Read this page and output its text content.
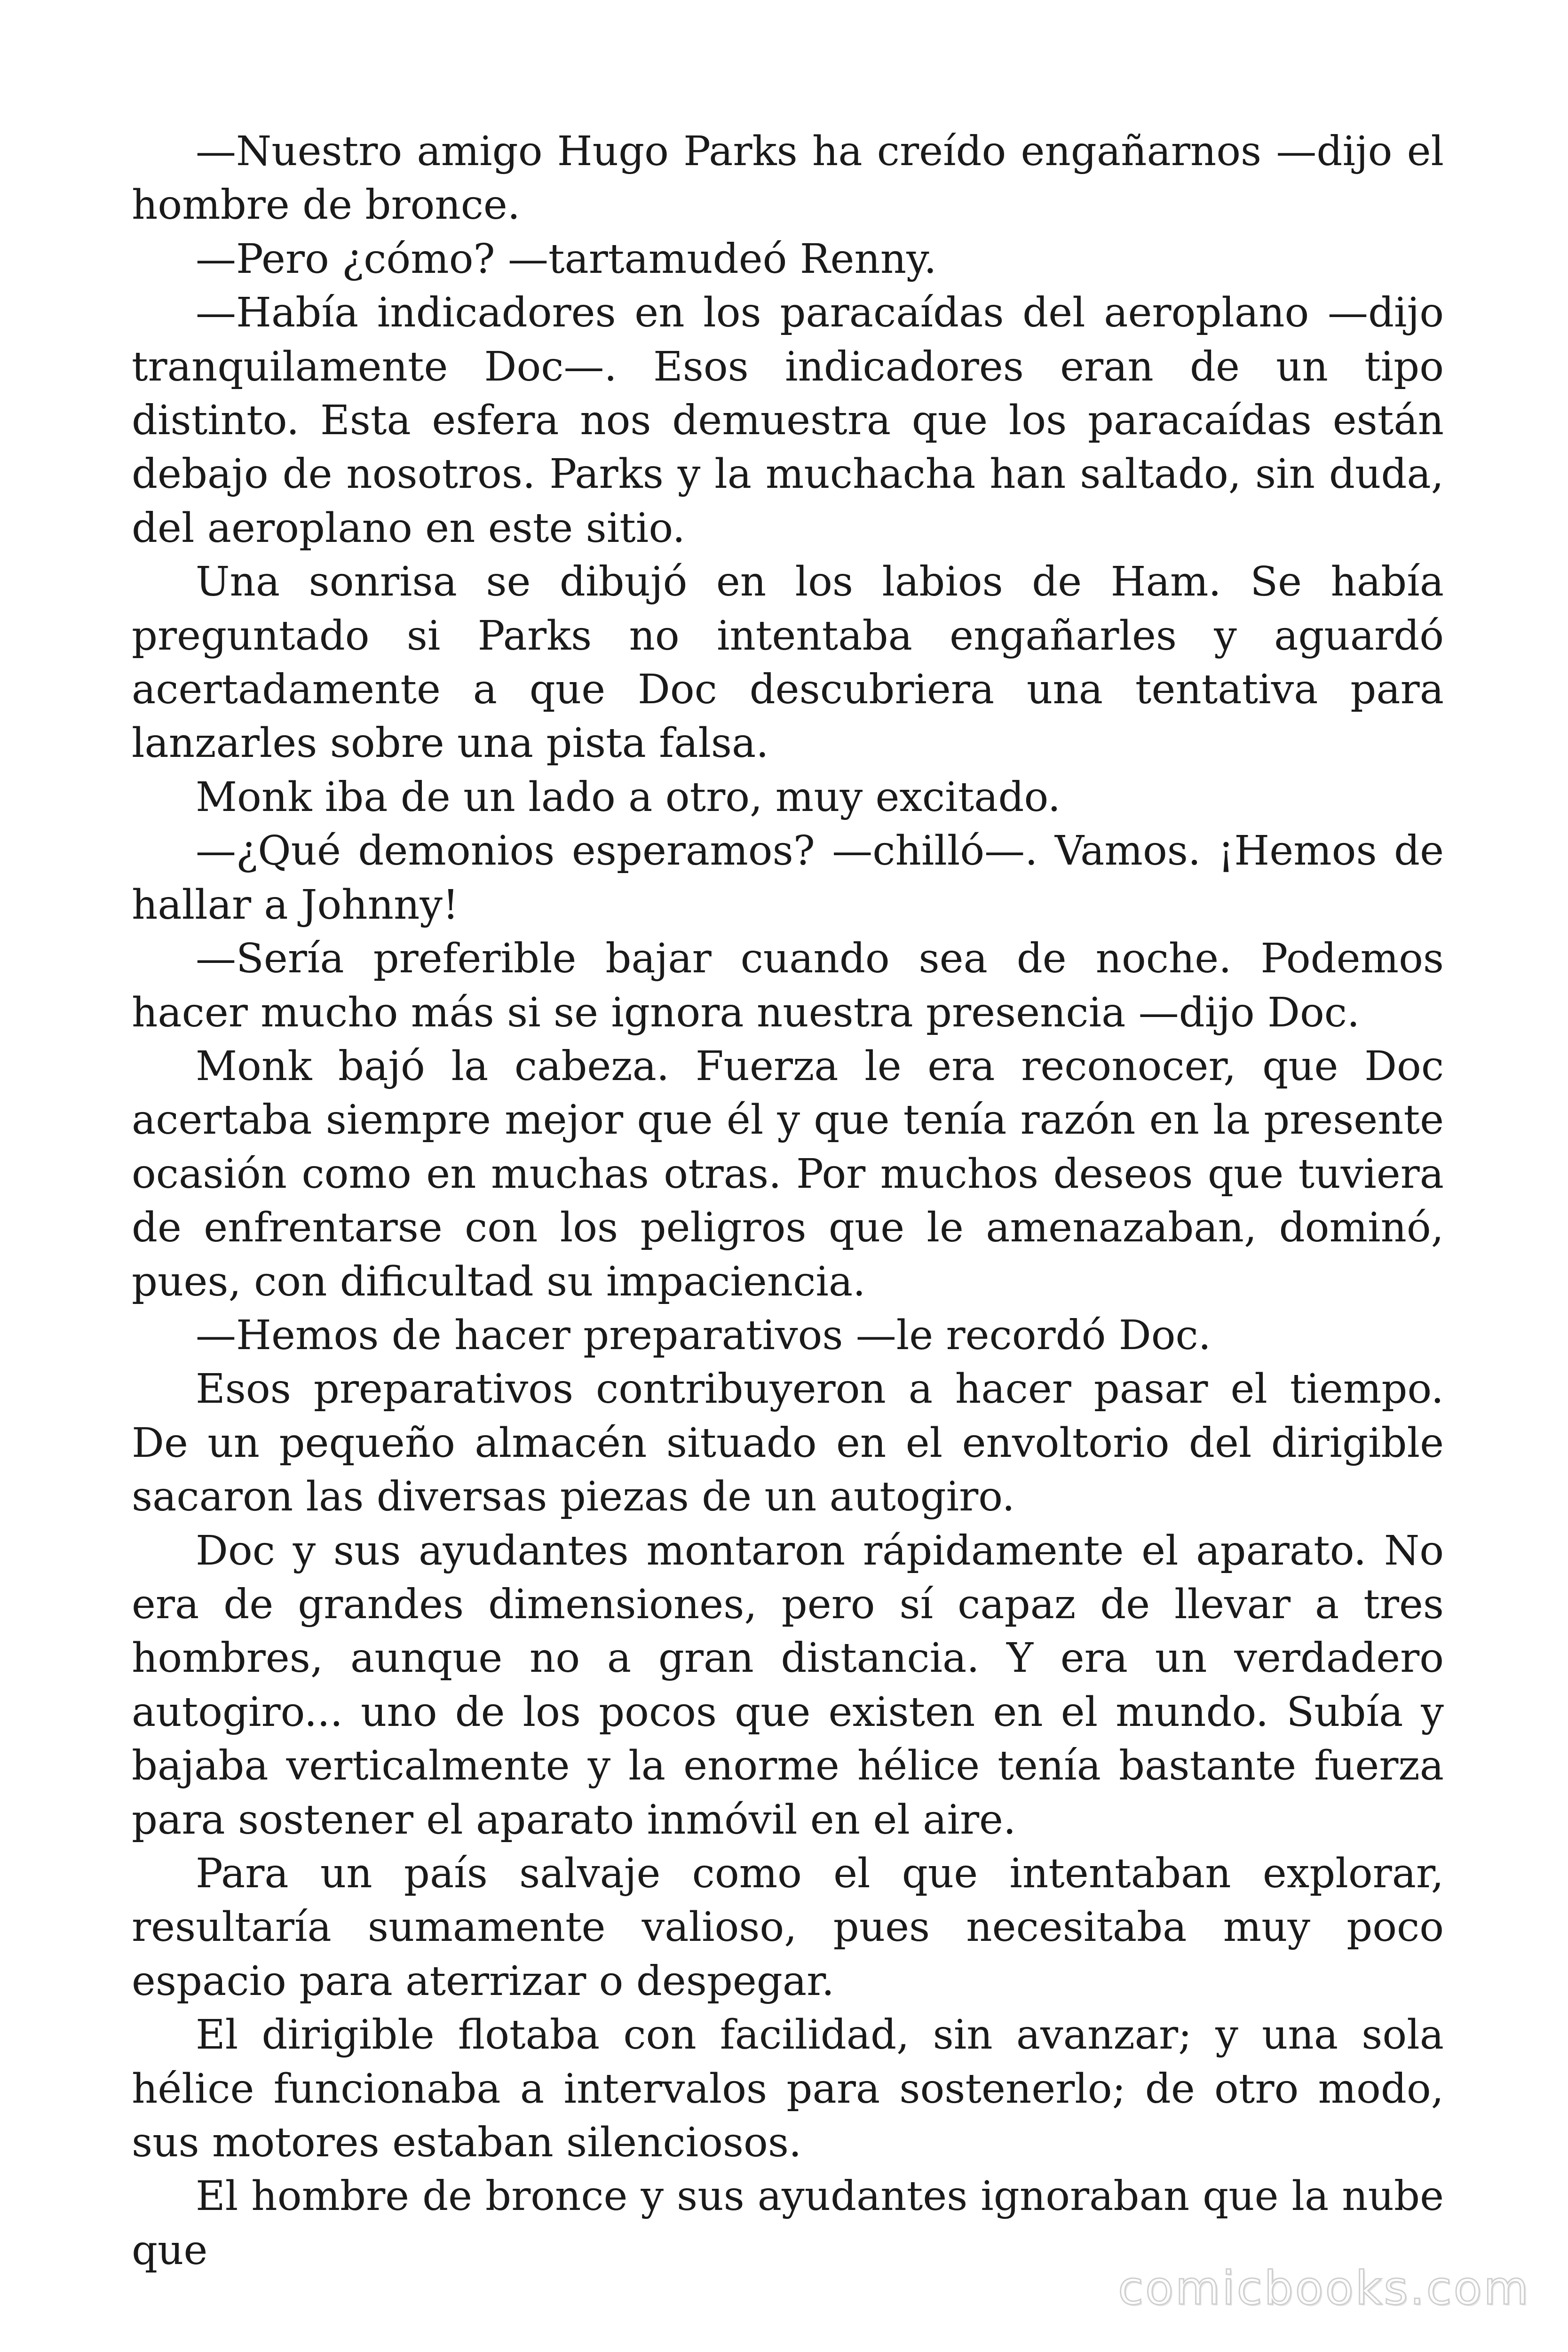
—Nuestro amigo Hugo Parks ha creído engañarnos —dijo el hombre de bronce.

—Pero ¿cómo? —tartamudeó Renny.

—Había indicadores en los paracaídas del aeroplano —dijo tranquilamente Doc—. Esos indicadores eran de un tipo distinto. Esta esfera nos demuestra que los paracaídas están debajo de nosotros. Parks y la muchacha han saltado, sin duda, del aeroplano en este sitio.

Una sonrisa se dibujó en los labios de Ham. Se había preguntado si Parks no intentaba engañarles y aguardó acertadamente a que Doc descubriera una tentativa para lanzarles sobre una pista falsa.

Monk iba de un lado a otro, muy excitado.

—¿Qué demonios esperamos? —chilló—. Vamos. ¡Hemos de hallar a Johnny!

—Sería preferible bajar cuando sea de noche. Podemos hacer mucho más si se ignora nuestra presencia —dijo Doc.

Monk bajó la cabeza. Fuerza le era reconocer, que Doc acertaba siempre mejor que él y que tenía razón en la presente ocasión como en muchas otras. Por muchos deseos que tuviera de enfrentarse con los peligros que le amenazaban, dominó, pues, con dificultad su impaciencia.

—Hemos de hacer preparativos —le recordó Doc.

Esos preparativos contribuyeron a hacer pasar el tiempo. De un pequeño almacén situado en el envoltorio del dirigible sacaron las diversas piezas de un autogiro.

Doc y sus ayudantes montaron rápidamente el aparato. No era de grandes dimensiones, pero sí capaz de llevar a tres hombres, aunque no a gran distancia. Y era un verdadero autogiro... uno de los pocos que existen en el mundo. Subía y bajaba verticalmente y la enorme hélice tenía bastante fuerza para sostener el aparato inmóvil en el aire.

Para un país salvaje como el que intentaban explorar, resultaría sumamente valioso, pues necesitaba muy poco espacio para aterrizar o despegar.

El dirigible flotaba con facilidad, sin avanzar; y una sola hélice funcionaba a intervalos para sostenerlo; de otro modo, sus motores estaban silenciosos.

El hombre de bronce y sus ayudantes ignoraban que la nube que

comicbooks.com
